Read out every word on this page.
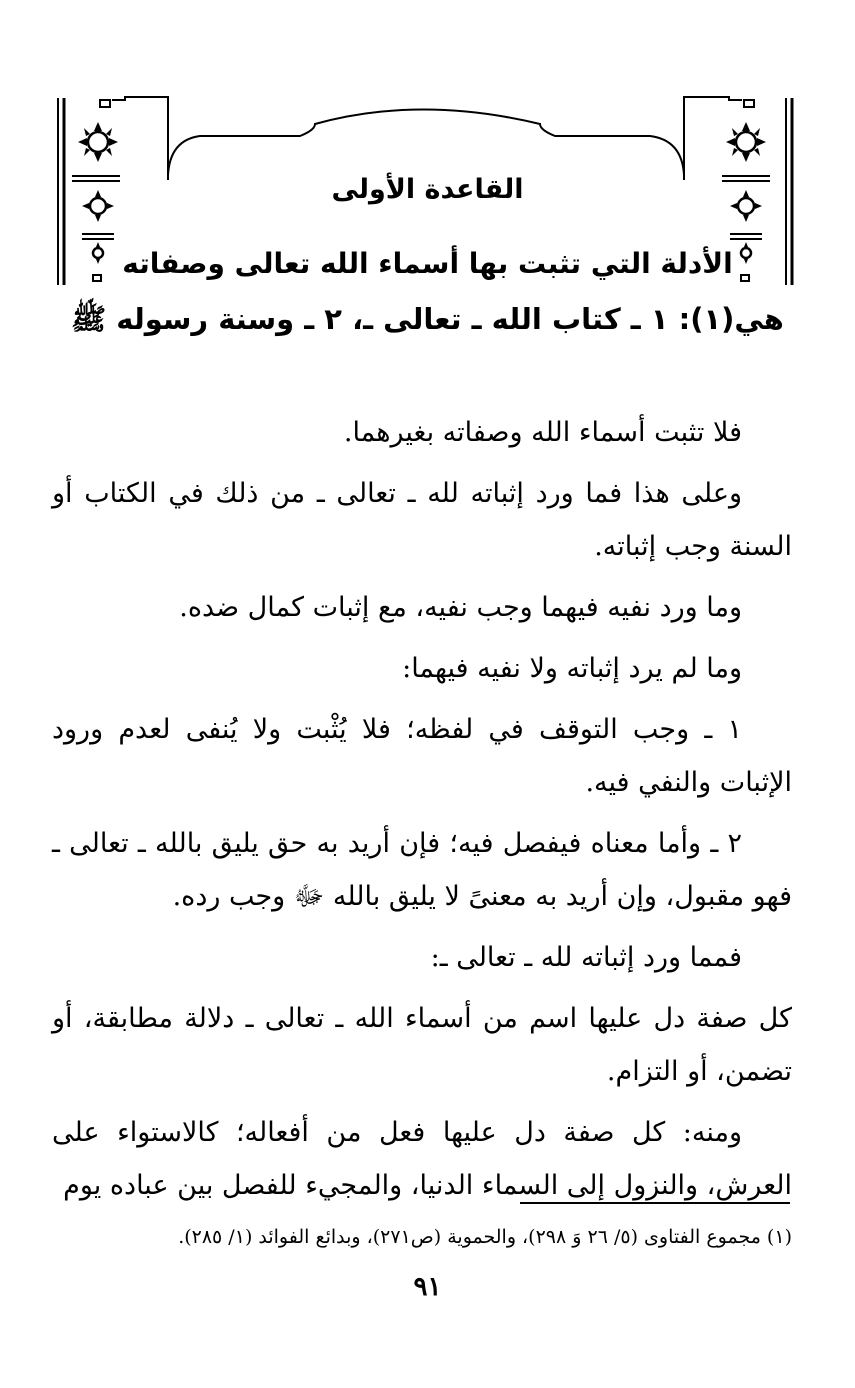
القاعدة الأولى
الأدلة التي تثبت بها أسماء الله تعالى وصفاته
هي(١): ١ ـ كتاب الله ـ تعالى ـ، ٢ ـ وسنة رسوله ﷺ

فلا تثبت أسماء الله وصفاته بغيرهما.

وعلى هذا فما ورد إثباته لله ـ تعالى ـ من ذلك في الكتاب أو السنة وجب إثباته.

وما ورد نفيه فيهما وجب نفيه، مع إثبات كمال ضده.

وما لم يرد إثباته ولا نفيه فيهما:

١ ـ وجب التوقف في لفظه؛ فلا يُثْبت ولا يُنفى لعدم ورود الإثبات والنفي فيه.

٢ ـ وأما معناه فيفصل فيه؛ فإن أريد به حق يليق بالله ـ تعالى ـ فهو مقبول، وإن أريد به معنىً لا يليق بالله ﷻ وجب رده.

فمما ورد إثباته لله ـ تعالى ـ:

كل صفة دل عليها اسم من أسماء الله ـ تعالى ـ دلالة مطابقة، أو تضمن، أو التزام.

ومنه: كل صفة دل عليها فعل من أفعاله؛ كالاستواء على العرش، والنزول إلى السماء الدنيا، والمجيء للفصل بين عباده يوم

(١) مجموع الفتاوى (٥/ ٢٦ وَ ٢٩٨)، والحموية (ص٢٧١)، وبدائع الفوائد (١/ ٢٨٥).
٩١
